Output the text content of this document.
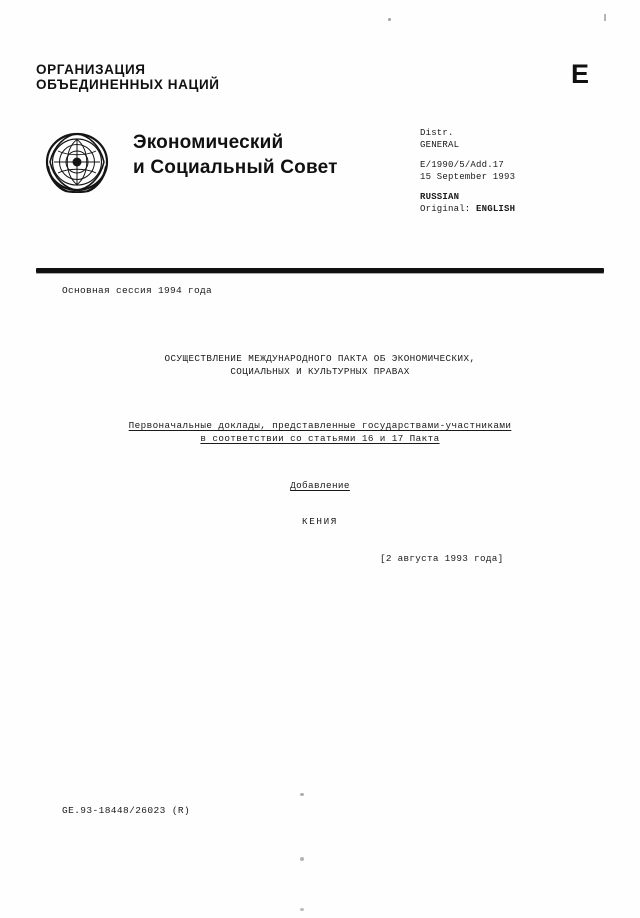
ОРГАНИЗАЦИЯ
ОБЪЕДИНЕННЫХ НАЦИЙ	E
Экономический
и Социальный Совет
Distr.
GENERAL
E/1990/5/Add.17
15 September 1993
RUSSIAN
Original: ENGLISH
Основная сессия 1994 года
ОСУЩЕСТВЛЕНИЕ МЕЖДУНАРОДНОГО ПАКТА ОБ ЭКОНОМИЧЕСКИХ,
СОЦИАЛЬНЫХ И КУЛЬТУРНЫХ ПРАВАХ
Первоначальные доклады, представленные государствами-участниками
в соответствии со статьями 16 и 17 Пакта
Добавление
КЕНИЯ
[2 августа 1993 года]
GE.93-18448/26023 (R)
